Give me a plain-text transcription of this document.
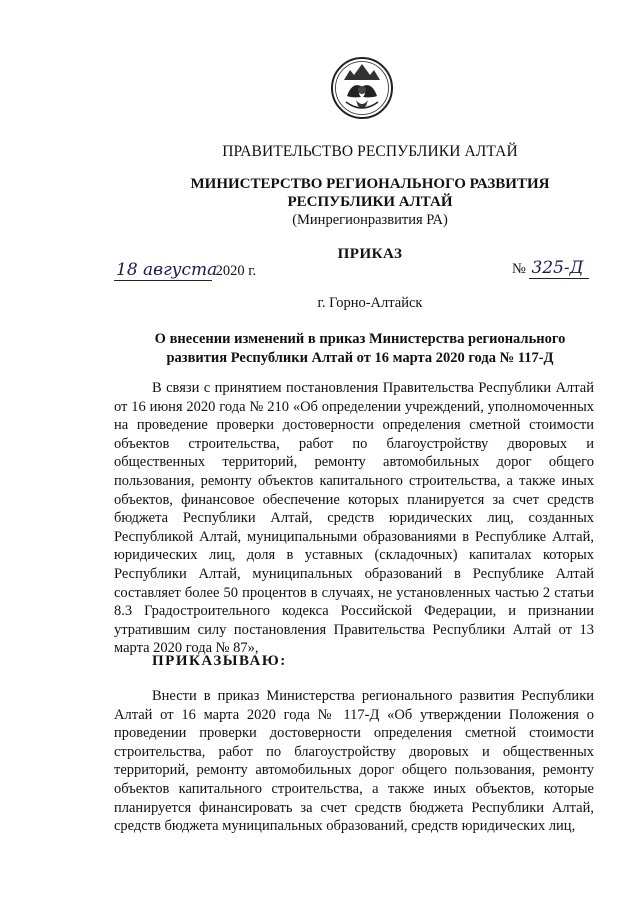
ПРАВИТЕЛЬСТВО РЕСПУБЛИКИ АЛТАЙ
МИНИСТЕРСТВО РЕГИОНАЛЬНОГО РАЗВИТИЯ
РЕСПУБЛИКИ АЛТАЙ
(Минрегионразвития РА)
ПРИКАЗ
18 августа 2020 г.	№ 325-Д
г. Горно-Алтайск
О внесении изменений в приказ Министерства регионального
развития Республики Алтай от 16 марта 2020 года № 117-Д
В связи с принятием постановления Правительства Республики Алтай от 16 июня 2020 года № 210 «Об определении учреждений, уполномоченных на проведение проверки достоверности определения сметной стоимости объектов строительства, работ по благоустройству дворовых и общественных территорий, ремонту автомобильных дорог общего пользования, ремонту объектов капитального строительства, а также иных объектов, финансовое обеспечение которых планируется за счет средств бюджета Республики Алтай, средств юридических лиц, созданных Республикой Алтай, муниципальными образованиями в Республике Алтай, юридических лиц, доля в уставных (складочных) капиталах которых Республики Алтай, муниципальных образований в Республике Алтай составляет более 50 процентов в случаях, не установленных частью 2 статьи 8.3 Градостроительного кодекса Российской Федерации, и признании утратившим силу постановления Правительства Республики Алтай от 13 марта 2020 года № 87»,
ПРИКАЗЫВАЮ:
Внести в приказ Министерства регионального развития Республики Алтай от 16 марта 2020 года № 117-Д «Об утверждении Положения о проведении проверки достоверности определения сметной стоимости строительства, работ по благоустройству дворовых и общественных территорий, ремонту автомобильных дорог общего пользования, ремонту объектов капитального строительства, а также иных объектов, которые планируется финансировать за счет средств бюджета Республики Алтай, средств бюджета муниципальных образований, средств юридических лиц,
